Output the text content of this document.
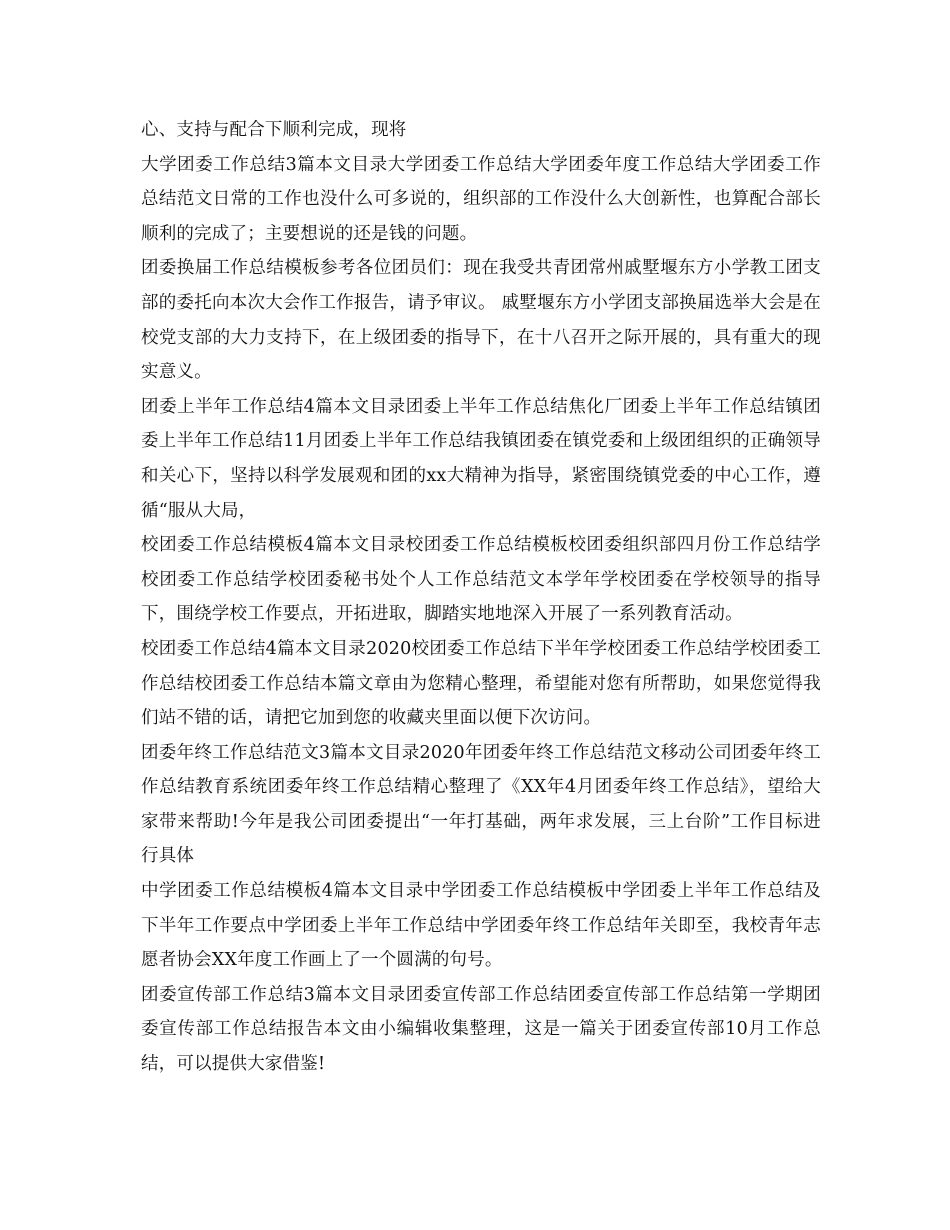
心、支持与配合下顺利完成，现将

大学团委工作总结3篇本文目录大学团委工作总结大学团委年度工作总结大学团委工作总结范文日常的工作也没什么可多说的，组织部的工作没什么大创新性，也算配合部长顺利的完成了；主要想说的还是钱的问题。

团委换届工作总结模板参考各位团员们：现在我受共青团常州戚墅堰东方小学教工团支部的委托向本次大会作工作报告，请予审议。 戚墅堰东方小学团支部换届选举大会是在校党支部的大力支持下，在上级团委的指导下，在十八召开之际开展的，具有重大的现实意义。

团委上半年工作总结4篇本文目录团委上半年工作总结焦化厂团委上半年工作总结镇团委上半年工作总结11月团委上半年工作总结我镇团委在镇党委和上级团组织的正确领导和关心下，坚持以科学发展观和团的xx大精神为指导，紧密围绕镇党委的中心工作，遵循“服从大局，

校团委工作总结模板4篇本文目录校团委工作总结模板校团委组织部四月份工作总结学校团委工作总结学校团委秘书处个人工作总结范文本学年学校团委在学校领导的指导下，围绕学校工作要点，开拓进取，脚踏实地地深入开展了一系列教育活动。

校团委工作总结4篇本文目录2020校团委工作总结下半年学校团委工作总结学校团委工作总结校团委工作总结本篇文章由为您精心整理，希望能对您有所帮助，如果您觉得我们站不错的话，请把它加到您的收藏夹里面以便下次访问。

团委年终工作总结范文3篇本文目录2020年团委年终工作总结范文移动公司团委年终工作总结教育系统团委年终工作总结精心整理了《XX年4月团委年终工作总结》，望给大家带来帮助!今年是我公司团委提出“一年打基础，两年求发展，三上台阶”工作目标进行具体

中学团委工作总结模板4篇本文目录中学团委工作总结模板中学团委上半年工作总结及下半年工作要点中学团委上半年工作总结中学团委年终工作总结年关即至，我校青年志愿者协会XX年度工作画上了一个圆满的句号。

团委宣传部工作总结3篇本文目录团委宣传部工作总结团委宣传部工作总结第一学期团委宣传部工作总结报告本文由小编辑收集整理，这是一篇关于团委宣传部10月工作总结，可以提供大家借鉴!
